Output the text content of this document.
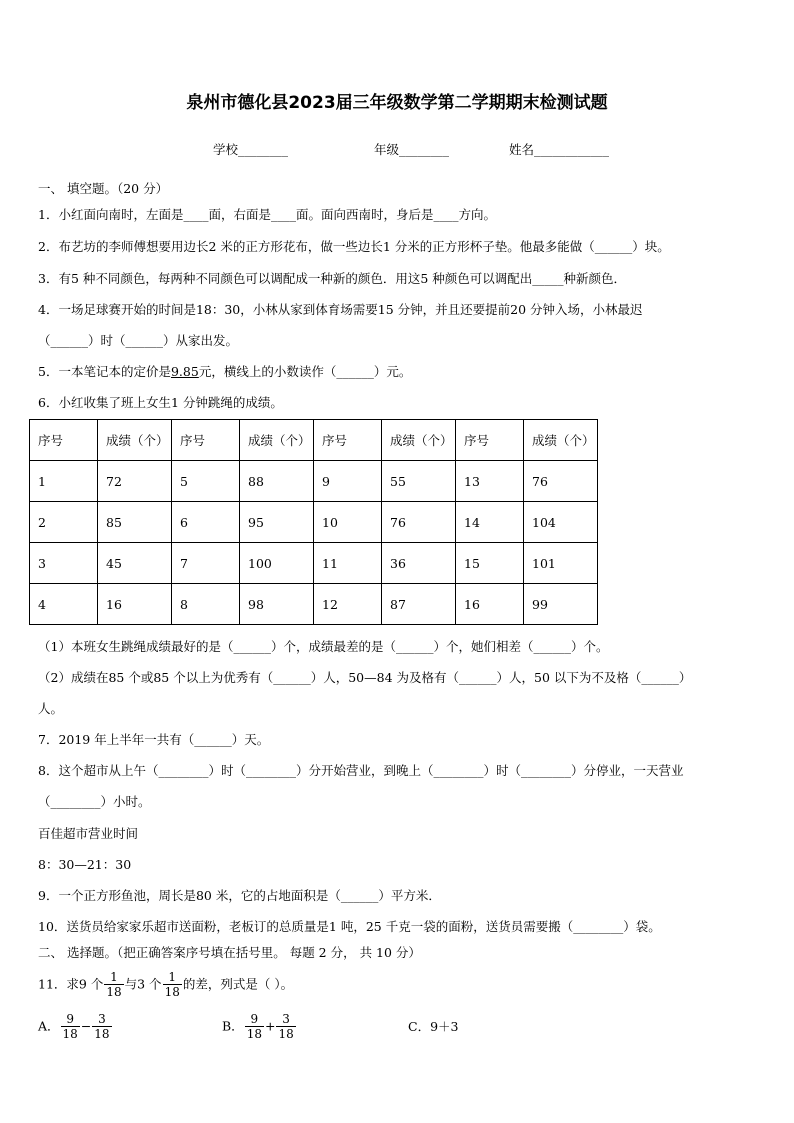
泉州市德化县2023届三年级数学第二学期期末检测试题
学校________	年级________	姓名____________
一、 填空题。（20 分）
1．小红面向南时，左面是____面，右面是____面。面向西南时，身后是____方向。
2．布艺坊的李师傅想要用边长2 米的正方形花布，做一些边长1 分米的正方形杯子垫。他最多能做（______）块。
3．有5 种不同颜色，每两种不同颜色可以调配成一种新的颜色．用这5 种颜色可以调配出_____种新颜色．
4．一场足球赛开始的时间是18：30，小林从家到体育场需要15 分钟，并且还要提前20 分钟入场，小林最迟
（______）时（______）从家出发。
5．一本笔记本的定价是9.85元，横线上的小数读作（______）元。
6．小红收集了班上女生1 分钟跳绳的成绩。
序号	成绩（个）	序号	成绩（个）	序号	成绩（个）	序号	成绩（个）
1	72	5	88	9	55	13	76
2	85	6	95	10	76	14	104
3	45	7	100	11	36	15	101
4	16	8	98	12	87	16	99
（1）本班女生跳绳成绩最好的是（______）个，成绩最差的是（______）个，她们相差（______）个。
（2）成绩在85 个或85 个以上为优秀有（______）人，50—84 为及格有（______）人，50 以下为不及格（______）
人。
7．2019 年上半年一共有（______）天。
8．这个超市从上午（________）时（________）分开始营业，到晚上（________）时（________）分停业，一天营业
（________）小时。
百佳超市营业时间
8：30—21：30
9．一个正方形鱼池，周长是80 米，它的占地面积是（______）平方米．
10．送货员给家家乐超市送面粉，老板订的总质量是1 吨，25 千克一袋的面粉，送货员需要搬（________）袋。
二、 选择题。（把正确答案序号填在括号里。 每题 2 分， 共 10 分）
11．求9 个 $\frac{1}{18}$ 与3 个 $\frac{1}{18}$ 的差，列式是（ ）。
A． $\frac{9}{18} - \frac{3}{18}$	B． $\frac{9}{18} + \frac{3}{18}$	C．9＋3
